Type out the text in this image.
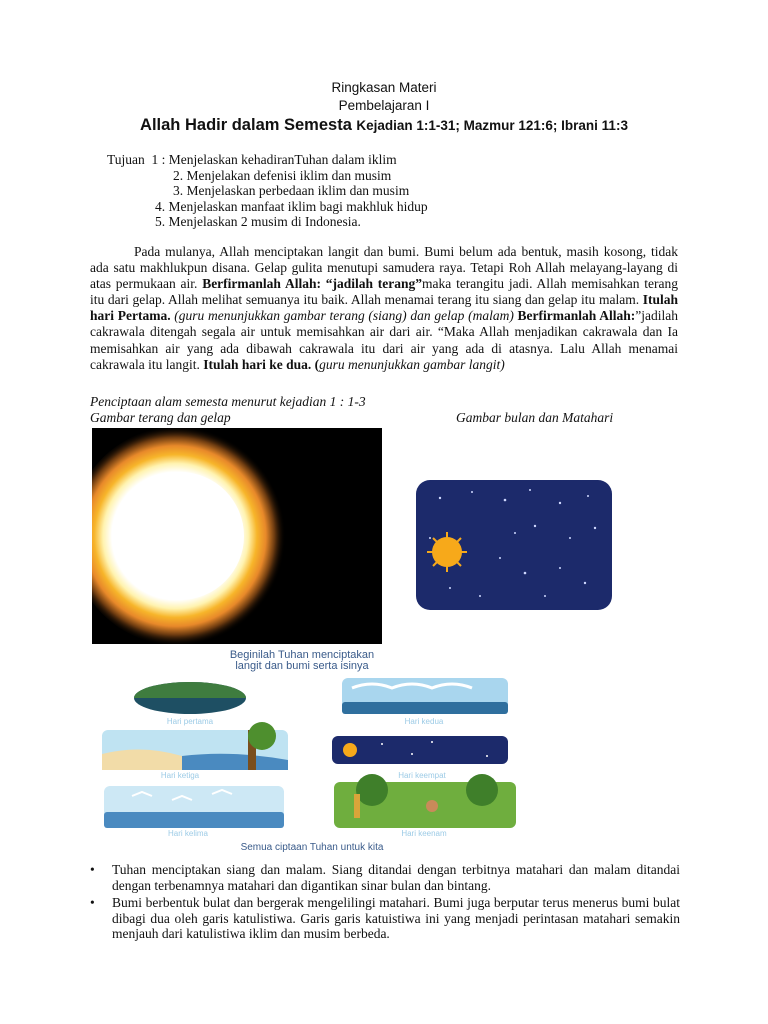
Ringkasan Materi
Pembelajaran I
Allah Hadir dalam Semesta Kejadian 1:1-31; Mazmur 121:6; Ibrani 11:3
Tujuan 1 : Menjelaskan kehadiranTuhan dalam iklim
2. Menjelakan defenisi iklim dan musim
3. Menjelaskan perbedaan iklim dan musim
4. Menjelaskan manfaat iklim bagi makhluk hidup
5. Menjelaskan 2 musim di Indonesia.
Pada mulanya, Allah menciptakan langit dan bumi. Bumi belum ada bentuk, masih kosong, tidak ada satu makhlukpun disana. Gelap gulita menutupi samudera raya. Tetapi Roh Allah melayang-layang di atas permukaan air. Berfirmanlah Allah: “jadilah terang”maka terangitu jadi. Allah memisahkan terang itu dari gelap. Allah melihat semuanya itu baik. Allah menamai terang itu siang dan gelap itu malam. Itulah hari Pertama. (guru menunjukkan gambar terang (siang) dan gelap (malam) Berfirmanlah Allah:”jadilah cakrawala ditengah segala air untuk memisahkan air dari air. “Maka Allah menjadikan cakrawala dan Ia memisahkan air yang ada dibawah cakrawala itu dari air yang ada di atasnya. Lalu Allah menamai cakrawala itu langit. Itulah hari ke dua. (guru menunjukkan gambar langit)
Penciptaan alam semesta menurut kejadian 1 : 1-3
Gambar terang dan gelap	Gambar bulan dan Matahari
Beginilah Tuhan menciptakan
langit dan bumi serta isinya
Hari pertama	Hari kedua
Hari ketiga	Hari keempat
Hari kelima	Hari keenam
Semua ciptaan Tuhan untuk kita
• Tuhan menciptakan siang dan malam. Siang ditandai dengan terbitnya matahari dan malam ditandai dengan terbenamnya matahari dan digantikan sinar bulan dan bintang.
• Bumi berbentuk bulat dan bergerak mengelilingi matahari. Bumi juga berputar terus menerus bumi bulat dibagi dua oleh garis katulistiwa. Garis garis katuistiwa ini yang menjadi perintasan matahari semakin menjauh dari katulistiwa iklim dan musim berbeda.
